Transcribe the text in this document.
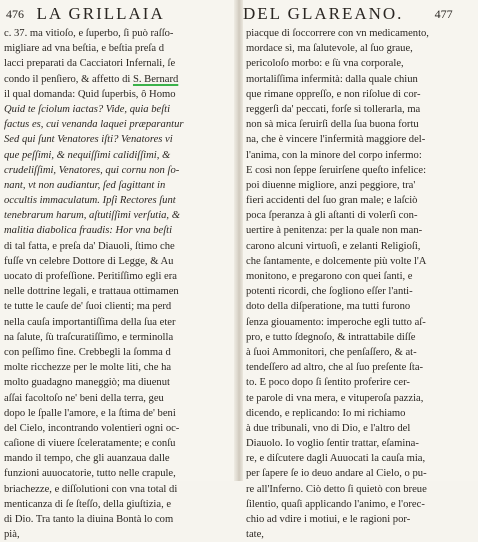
476 LA GRILLAIA	DEL GLAREANO.	477
c. 37. ma vitioſo, e ſuperbo, ſi può raſſo-
migliare ad vna beſtia, e beſtia preſa d
lacci preparati da Cacciatori Infernali, ſe
condo il penſiero, & affetto di S. Bernard
il qual domanda: Quid ſuperbis, ô Homo
Quid te ſciolum iactas? Vide, quia beſti
factus es, cui venanda laquei præparantur
Sed qui ſunt Venatores iſti? Venatores vi
que peſſimi, & nequiſſimi calidiſſimi, &
crudeliſſimi, Venatores, qui cornu non ſo-
nant, vt non audiantur, ſed ſagittant in
occultis immaculatum. Ipſi Rectores ſunt
tenebrarum harum, aſtutiſſimi verſutia, &
malitia diabolica fraudis: Hor vna beſti
di tal fatta, e preſa da' Diauoli, ſtimo che
fuſſe vn celebre Dottore di Legge, & Au
uocato di profeſſione. Peritiſſimo egli era
nelle dottrine legali, e trattaua ottimamen
te tutte le cauſe de' ſuoi clienti; ma perd
nella cauſa importantiſſima della ſua eter
na ſalute, ſù traſcuratiſſimo, e terminolla
con peſſimo fine. Crebbegli la ſomma d
molte ricchezze per le molte liti, che ha
molto guadagno maneggiò; ma diuenut
aſſai facoltoſo ne' beni della terra, geu
dopo le ſpalle l'amore, e la ſtima de' beni
del Cielo, incontrando volentieri ogni oc-
caſione di viuere ſceleratamente; e conſu
mando il tempo, che gli auanzaua dalle
funzioni auuocatorie, tutto nelle crapule,
briachezze, e diſſolutioni con vna total di
menticanza di ſe ſteſſo, della giuſtizia, e
di Dio. Tra tanto la diuina Bontà lo com
pià,
piacque di ſoccorrere con vn medicamento,
mordace sì, ma ſalutevole, al ſuo graue,
pericoloſo morbo: e ſù vna corporale,
mortaliſſima infermità: dalla quale chiun
que rimane oppreſſo, e non riſolue di cor-
reggerſi da' peccati, forſe sì tollerarla, ma
non sà mica ſeruirſi della ſua buona fortu
na, che è vincere l'infermità maggiore del-
l'anima, con la minore del corpo infermo:
E così non ſeppe ſeruirſene queſto infelice:
poi diuenne migliore, anzi peggiore, tra'
fieri accidenti del ſuo gran male; e laſciò
poca ſperanza à gli aſtanti di volerſi con-
uertire à penitenza: per la quale non man-
carono alcuni virtuoſi, e zelanti Religioſi,
che ſantamente, e dolcemente più volte l'A
monitono, e pregarono con quei ſanti, e
potenti ricordi, che ſogliono eſſer l'anti-
doto della diſperatione, ma tutti furono
ſenza giouamento: imperoche egli tutto aſ-
pro, e tutto ſdegnoſo, & intrattabile diſſe
à ſuoi Ammonitori, che penſaſſero, & at-
tendeſſero ad altro, che al ſuo preſente ſta-
to. E poco dopo ſi ſentito proferire cer-
te parole di vna mera, e vituperoſa pazzia,
dicendo, e replicando: Io mi richiamo
à due tribunali, vno di Dio, e l'altro del
Diauolo. Io voglio ſentir trattar, eſamina-
re, e diſcutere dagli Auuocati la cauſa mia,
per ſapere ſe io deuo andare al Cielo, o pu-
re all'Inferno. Ciò detto ſi quietò con breue
ſilentio, quaſi applicando l'animo, e l'orec-
chio ad vdire i motiui, e le ragioni por-
tate,
